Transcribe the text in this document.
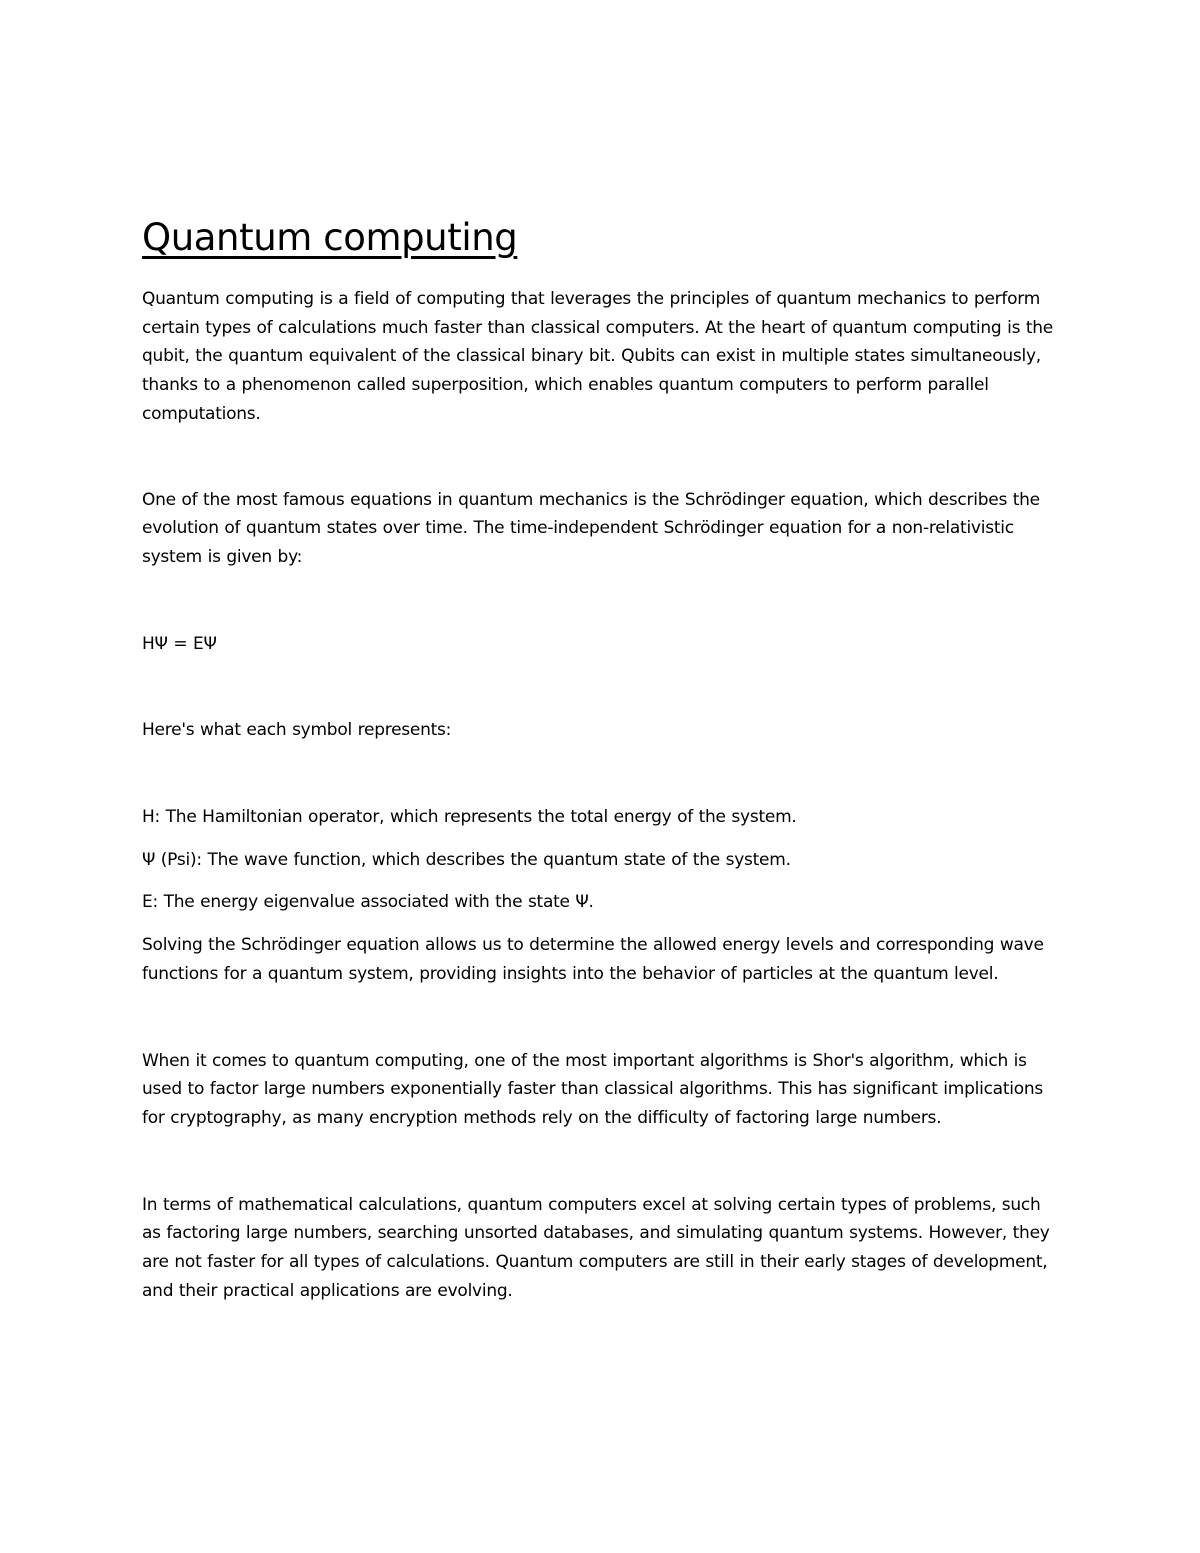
Quantum computing

Quantum computing is a field of computing that leverages the principles of quantum mechanics to perform certain types of calculations much faster than classical computers. At the heart of quantum computing is the qubit, the quantum equivalent of the classical binary bit. Qubits can exist in multiple states simultaneously, thanks to a phenomenon called superposition, which enables quantum computers to perform parallel computations.

One of the most famous equations in quantum mechanics is the Schrödinger equation, which describes the evolution of quantum states over time. The time-independent Schrödinger equation for a non-relativistic system is given by:

HΨ = EΨ

Here's what each symbol represents:

H: The Hamiltonian operator, which represents the total energy of the system.

Ψ (Psi): The wave function, which describes the quantum state of the system.

E: The energy eigenvalue associated with the state Ψ.

Solving the Schrödinger equation allows us to determine the allowed energy levels and corresponding wave functions for a quantum system, providing insights into the behavior of particles at the quantum level.

When it comes to quantum computing, one of the most important algorithms is Shor's algorithm, which is used to factor large numbers exponentially faster than classical algorithms. This has significant implications for cryptography, as many encryption methods rely on the difficulty of factoring large numbers.

In terms of mathematical calculations, quantum computers excel at solving certain types of problems, such as factoring large numbers, searching unsorted databases, and simulating quantum systems. However, they are not faster for all types of calculations. Quantum computers are still in their early stages of development, and their practical applications are evolving.
